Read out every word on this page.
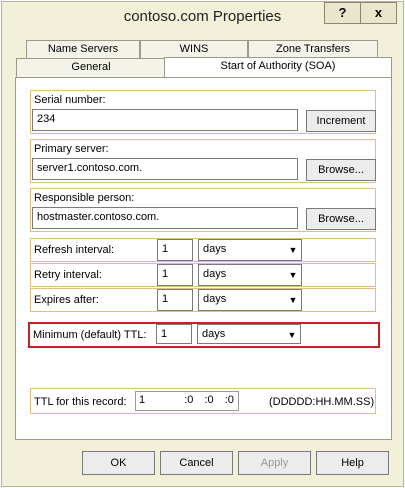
contoso.com Properties	?	x
Name Servers	WINS	Zone Transfers
General	Start of Authority (SOA)
Serial number:
234	Increment
Primary server:
server1.contoso.com.	Browse...
Responsible person:
hostmaster.contoso.com.	Browse...
Refresh interval:	1	days	▼
Retry interval:	1	days	▼
Expires after:	1	days	▼
Minimum (default) TTL:	1	days	▼
TTL for this record:	1	:0 :0 :0	(DDDDD:HH.MM.SS)
OK	Cancel	Apply	Help
